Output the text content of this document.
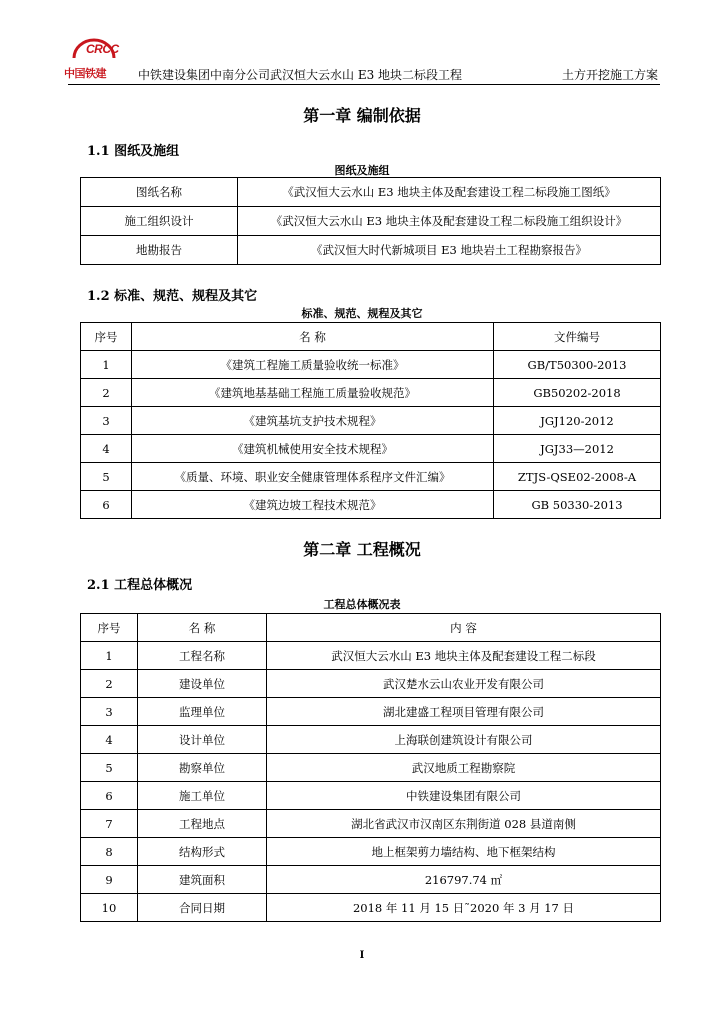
CRCC
中国铁建	中铁建设集团中南分公司武汉恒大云水山 E3 地块二标段工程	土方开挖施工方案
第一章 编制依据
1.1 图纸及施组
图纸及施组
图纸名称	《武汉恒大云水山 E3 地块主体及配套建设工程二标段施工图纸》
施工组织设计	《武汉恒大云水山 E3 地块主体及配套建设工程二标段施工组织设计》
地勘报告	《武汉恒大时代新城项目 E3 地块岩土工程勘察报告》
1.2 标准、规范、规程及其它
标准、规范、规程及其它
序号	名 称	文件编号
1	《建筑工程施工质量验收统一标准》	GB/T50300-2013
2	《建筑地基基础工程施工质量验收规范》	GB50202-2018
3	《建筑基坑支护技术规程》	JGJ120-2012
4	《建筑机械使用安全技术规程》	JGJ33—2012
5	《质量、环境、职业安全健康管理体系程序文件汇编》	ZTJS-QSE02-2008-A
6	《建筑边坡工程技术规范》	GB 50330-2013
第二章 工程概况
2.1 工程总体概况
工程总体概况表
序号	名 称	内 容
1	工程名称	武汉恒大云水山 E3 地块主体及配套建设工程二标段
2	建设单位	武汉楚水云山农业开发有限公司
3	监理单位	湖北建盛工程项目管理有限公司
4	设计单位	上海联创建筑设计有限公司
5	勘察单位	武汉地质工程勘察院
6	施工单位	中铁建设集团有限公司
7	工程地点	湖北省武汉市汉南区东荆街道 028 县道南侧
8	结构形式	地上框架剪力墙结构、地下框架结构
9	建筑面积	216797.74 ㎡
10	合同日期	2018 年 11 月 15 日˜2020 年 3 月 17 日
I
